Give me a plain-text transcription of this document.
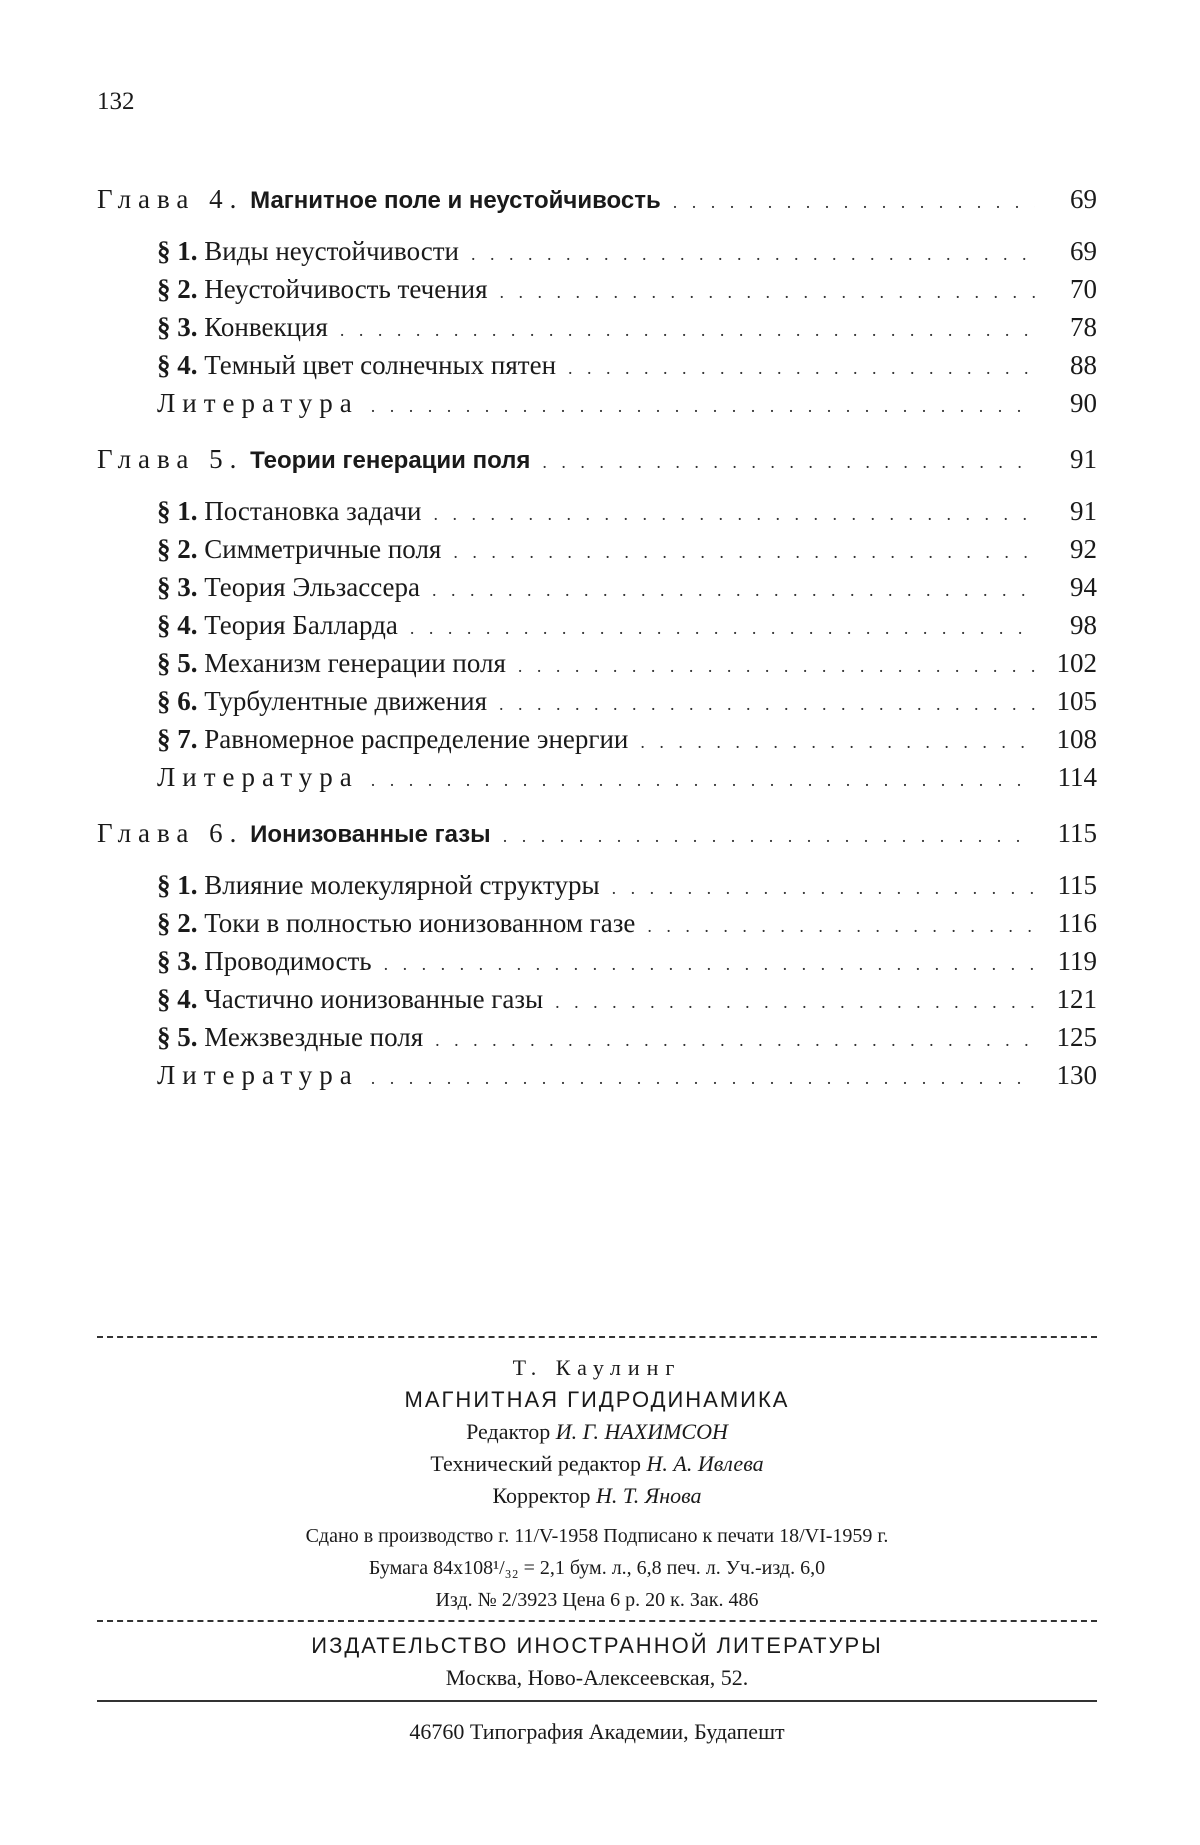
132
Глава 4. Магнитное поле и неустойчивость . . .	69
§ 1. Виды неустойчивости . . .	69
§ 2. Неустойчивость течения . . .	70
§ 3. Конвекция . . .	78
§ 4. Темный цвет солнечных пятен . . .	88
Литература . . .	90
Глава 5. Теории генерации поля . . .	91
§ 1. Постановка задачи . . .	91
§ 2. Симметричные поля . . .	92
§ 3. Теория Эльзассера . . .	94
§ 4. Теория Балларда . . .	98
§ 5. Механизм генерации поля . . .	102
§ 6. Турбулентные движения . . .	105
§ 7. Равномерное распределение энергии . . .	108
Литература . . .	114
Глава 6. Ионизованные газы . . .	115
§ 1. Влияние молекулярной структуры . . .	115
§ 2. Токи в полностью ионизованном газе . . .	116
§ 3. Проводимость . . .	119
§ 4. Частично ионизованные газы . . .	121
§ 5. Межзвездные поля . . .	125
Литература . . .	130
Т. Каулинг
МАГНИТНАЯ ГИДРОДИНАМИКА
Редактор И. Г. НАХИМСОН
Технический редактор Н. А. Ивлева
Корректор Н. Т. Янова
Сдано в производство г. 11/V-1958 Подписано к печати 18/VI-1959 г.
Бумага 84x108¹/₃₂ = 2,1 бум. л., 6,8 печ. л. Уч.-изд. 6,0
Изд. № 2/3923 Цена 6 р. 20 к. Зак. 486
ИЗДАТЕЛЬСТВО ИНОСТРАННОЙ ЛИТЕРАТУРЫ
Москва, Ново-Алексеевская, 52.
46760 Типография Академии, Будапешт
